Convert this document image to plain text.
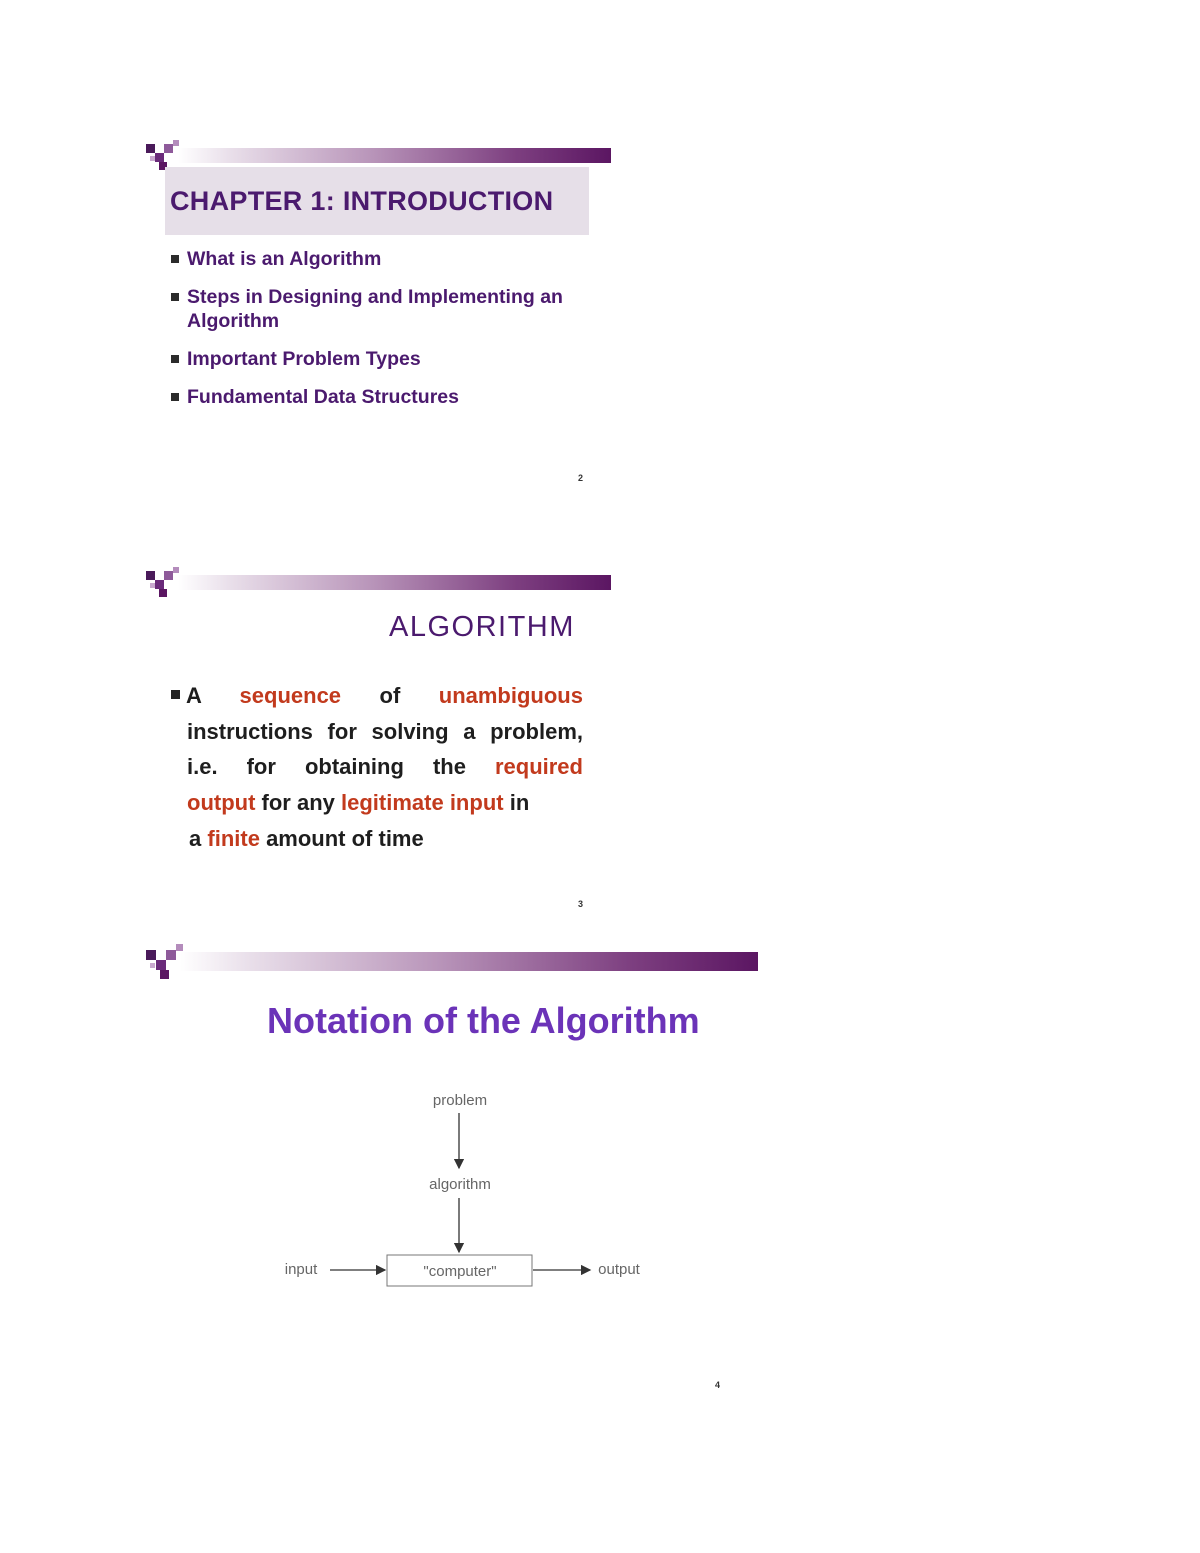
CHAPTER 1: INTRODUCTION
What is an Algorithm
Steps in Designing and Implementing an Algorithm
Important Problem Types
Fundamental Data Structures
2
ALGORITHM
A sequence of unambiguous
instructions for solving a problem,
i.e. for obtaining the required
output for any legitimate input in
a finite amount of time
3
Notation of the Algorithm
problem
algorithm
"computer"
input	output
4
